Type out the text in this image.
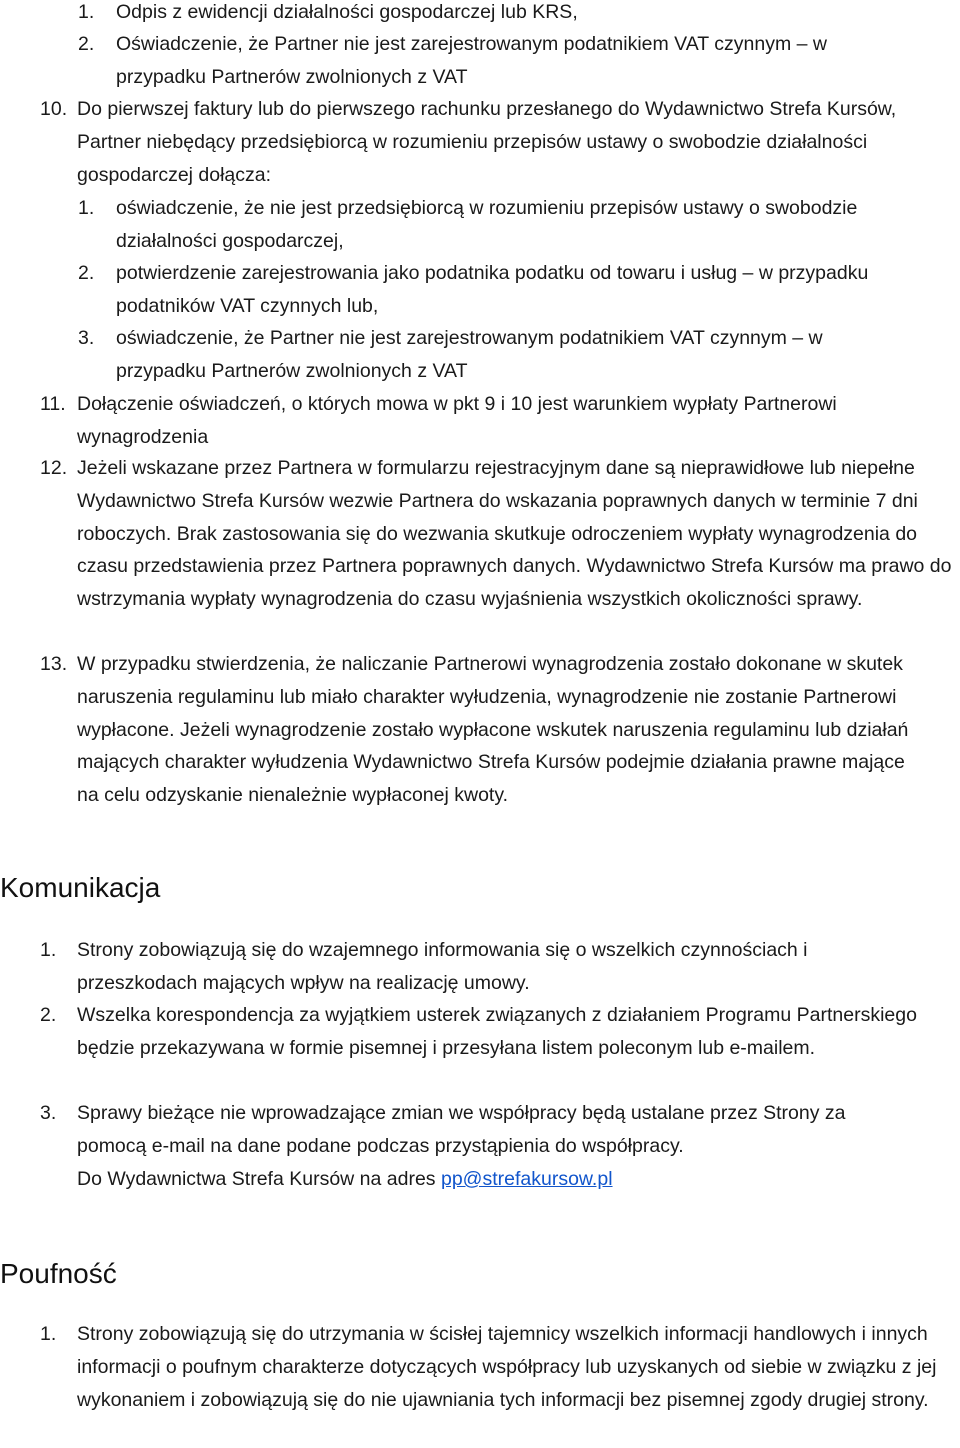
1. Odpis z ewidencji działalności gospodarczej lub KRS,
2. Oświadczenie, że Partner nie jest zarejestrowanym podatnikiem VAT czynnym – w przypadku Partnerów zwolnionych z VAT
10. Do pierwszej faktury lub do pierwszego rachunku przesłanego do Wydawnictwo Strefa Kursów, Partner niebędący przedsiębiorcą w rozumieniu przepisów ustawy o swobodzie działalności gospodarczej dołącza:
1. oświadczenie, że nie jest przedsiębiorcą w rozumieniu przepisów ustawy o swobodzie działalności gospodarczej,
2. potwierdzenie zarejestrowania jako podatnika podatku od towaru i usług – w przypadku podatników VAT czynnych lub,
3. oświadczenie, że Partner nie jest zarejestrowanym podatnikiem VAT czynnym – w przypadku Partnerów zwolnionych z VAT
11. Dołączenie oświadczeń, o których mowa w pkt 9 i 10 jest warunkiem wypłaty Partnerowi wynagrodzenia
12. Jeżeli wskazane przez Partnera w formularzu rejestracyjnym dane są nieprawidłowe lub niepełne Wydawnictwo Strefa Kursów wezwie Partnera do wskazania poprawnych danych w terminie 7 dni roboczych. Brak zastosowania się do wezwania skutkuje odroczeniem wypłaty wynagrodzenia do czasu przedstawienia przez Partnera poprawnych danych. Wydawnictwo Strefa Kursów ma prawo do wstrzymania wypłaty wynagrodzenia do czasu wyjaśnienia wszystkich okoliczności sprawy.
13. W przypadku stwierdzenia, że naliczanie Partnerowi wynagrodzenia zostało dokonane w skutek naruszenia regulaminu lub miało charakter wyłudzenia, wynagrodzenie nie zostanie Partnerowi wypłacone. Jeżeli wynagrodzenie zostało wypłacone wskutek naruszenia regulaminu lub działań mających charakter wyłudzenia Wydawnictwo Strefa Kursów podejmie działania prawne mające na celu odzyskanie nienależnie wypłaconej kwoty.
Komunikacja
1. Strony zobowiązują się do wzajemnego informowania się o wszelkich czynnościach i przeszkodach mających wpływ na realizację umowy.
2. Wszelka korespondencja za wyjątkiem usterek związanych z działaniem Programu Partnerskiego będzie przekazywana w formie pisemnej i przesyłana listem poleconym lub e-mailem.
3. Sprawy bieżące nie wprowadzające zmian we współpracy będą ustalane przez Strony za pomocą e-mail na dane podane podczas przystąpienia do współpracy.
Do Wydawnictwa Strefa Kursów na adres pp@strefakursow.pl
Poufność
1. Strony zobowiązują się do utrzymania w ścisłej tajemnicy wszelkich informacji handlowych i innych informacji o poufnym charakterze dotyczących współpracy lub uzyskanych od siebie w związku z jej wykonaniem i zobowiązują się do nie ujawniania tych informacji bez pisemnej zgody drugiej strony.
